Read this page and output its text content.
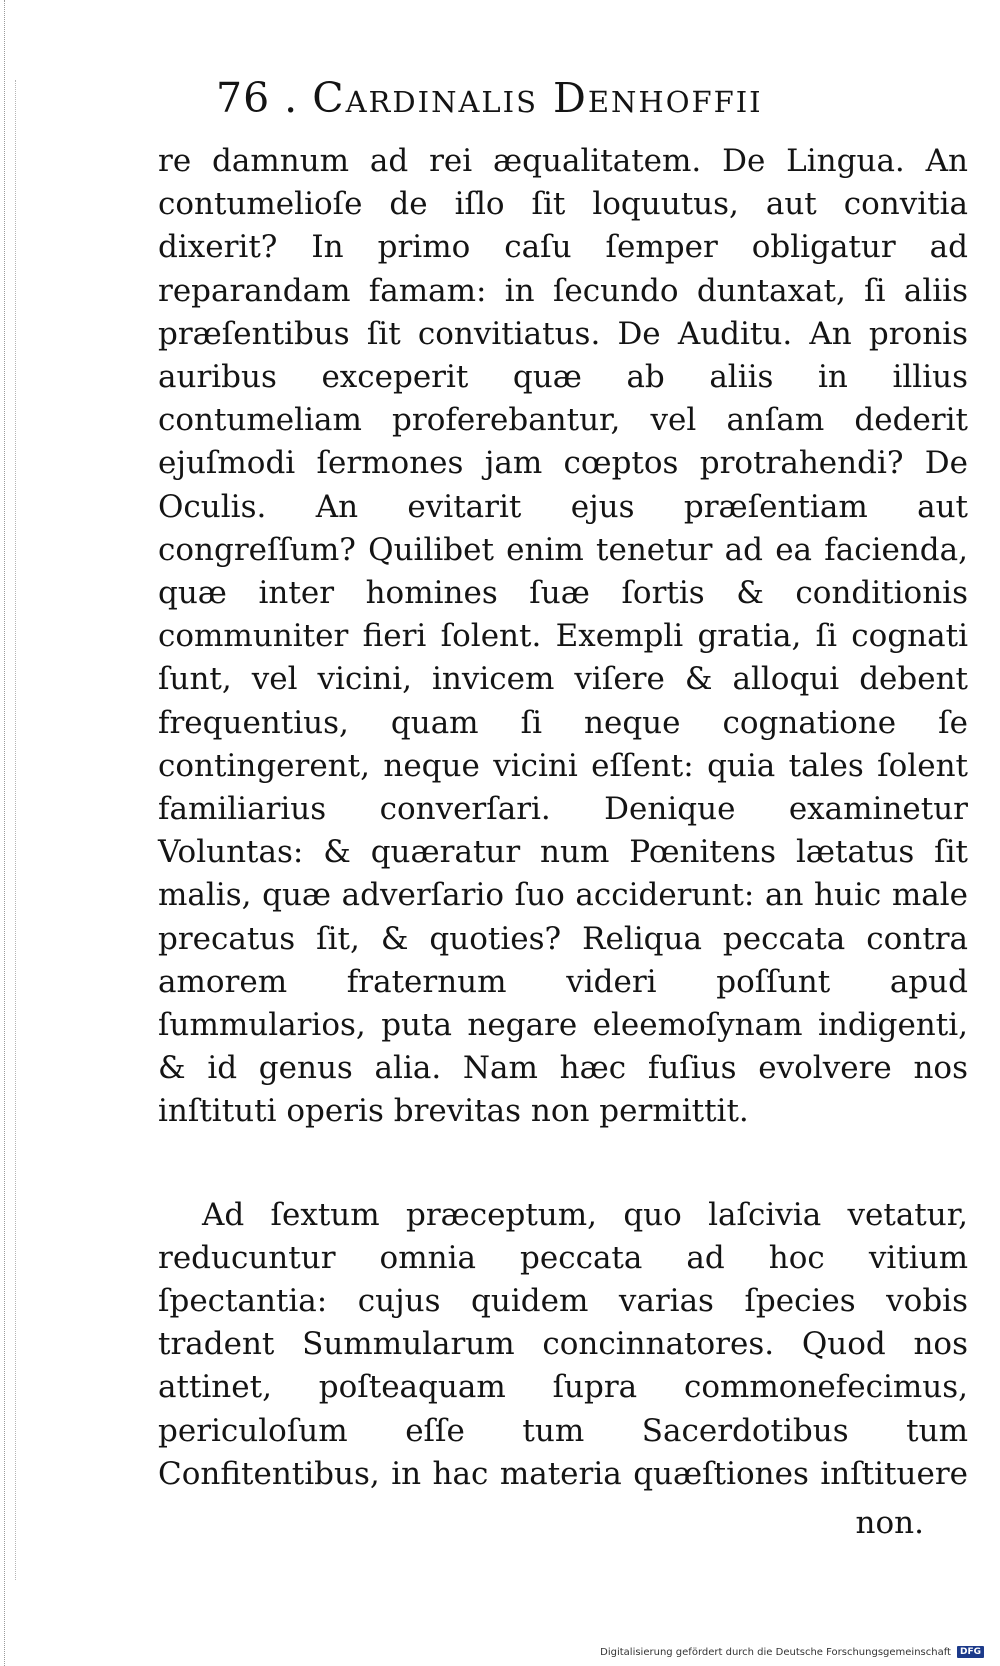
76 . Cardinalis Denhoffii

re damnum ad rei æqualitatem. De Lingua. An contumelioſe de iſlo ſit loquutus, aut convitia dixerit? In primo caſu ſemper obligatur ad reparandam famam: in ſecundo duntaxat, ſi aliis præſentibus ſit convitiatus. De Auditu. An pronis auribus exceperit quæ ab aliis in illius contumeliam proferebantur, vel anſam dederit ejuſmodi ſermones jam cœptos protrahendi? De Oculis. An evitarit ejus præſentiam aut congreſſum? Quilibet enim tenetur ad ea facienda, quæ inter homines ſuæ ſortis & conditionis communiter fieri ſolent. Exempli gratia, ſi cognati ſunt, vel vicini, invicem viſere & alloqui debent frequentius, quam ſi neque cognatione ſe contingerent, neque vicini eſſent: quia tales ſolent familiarius converſari. Denique examinetur Voluntas: & quæratur num Pœnitens lætatus ſit malis, quæ adverſario ſuo acciderunt: an huic male precatus ſit, & quoties? Reliqua peccata contra amorem fraternum videri poſſunt apud ſummularios, puta negare eleemoſynam indigenti, & id genus alia. Nam hæc fuſius evolvere nos inſtituti operis brevitas non permittit.

Ad ſextum præceptum, quo laſcivia vetatur, reducuntur omnia peccata ad hoc vitium ſpectantia: cujus quidem varias ſpecies vobis tradent Summularum concinnatores. Quod nos attinet, poſteaquam ſupra commonefecimus, periculoſum eſſe tum Sacerdotibus tum Confitentibus, in hac materia quæſtiones inſtituere

non.
Digitalisierung gefördert durch die Deutsche Forschungsgemeinschaft	DFG
